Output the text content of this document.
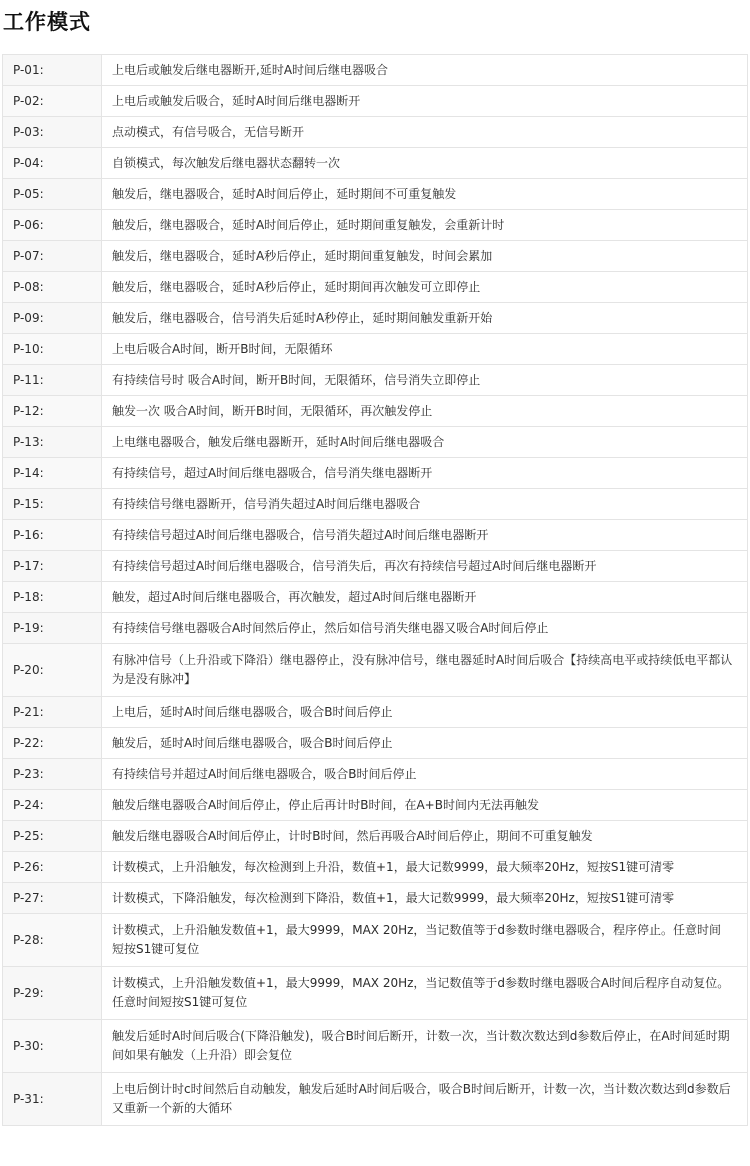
工作模式
P-01:	上电后或触发后继电器断开,延时A时间后继电器吸合
P-02:	上电后或触发后吸合，延时A时间后继电器断开
P-03:	点动模式，有信号吸合，无信号断开
P-04:	自锁模式，每次触发后继电器状态翻转一次
P-05:	触发后，继电器吸合，延时A时间后停止，延时期间不可重复触发
P-06:	触发后，继电器吸合，延时A时间后停止，延时期间重复触发，会重新计时
P-07:	触发后，继电器吸合，延时A秒后停止，延时期间重复触发，时间会累加
P-08:	触发后，继电器吸合，延时A秒后停止，延时期间再次触发可立即停止
P-09:	触发后，继电器吸合，信号消失后延时A秒停止，延时期间触发重新开始
P-10:	上电后吸合A时间，断开B时间，无限循环
P-11:	有持续信号时 吸合A时间，断开B时间，无限循环，信号消失立即停止
P-12:	触发一次 吸合A时间，断开B时间，无限循环，再次触发停止
P-13:	上电继电器吸合，触发后继电器断开，延时A时间后继电器吸合
P-14:	有持续信号，超过A时间后继电器吸合，信号消失继电器断开
P-15:	有持续信号继电器断开，信号消失超过A时间后继电器吸合
P-16:	有持续信号超过A时间后继电器吸合，信号消失超过A时间后继电器断开
P-17:	有持续信号超过A时间后继电器吸合，信号消失后，再次有持续信号超过A时间后继电器断开
P-18:	触发，超过A时间后继电器吸合，再次触发，超过A时间后继电器断开
P-19:	有持续信号继电器吸合A时间然后停止，然后如信号消失继电器又吸合A时间后停止
P-20:	有脉冲信号（上升沿或下降沿）继电器停止，没有脉冲信号，继电器延时A时间后吸合【持续高电平或持续低电平都认为是没有脉冲】
P-21:	上电后，延时A时间后继电器吸合，吸合B时间后停止
P-22:	触发后，延时A时间后继电器吸合，吸合B时间后停止
P-23:	有持续信号并超过A时间后继电器吸合，吸合B时间后停止
P-24:	触发后继电器吸合A时间后停止，停止后再计时B时间，在A+B时间内无法再触发
P-25:	触发后继电器吸合A时间后停止，计时B时间，然后再吸合A时间后停止，期间不可重复触发
P-26:	计数模式，上升沿触发，每次检测到上升沿，数值+1，最大记数9999，最大频率20Hz，短按S1键可清零
P-27:	计数模式，下降沿触发，每次检测到下降沿，数值+1，最大记数9999，最大频率20Hz，短按S1键可清零
P-28:	计数模式，上升沿触发数值+1，最大9999，MAX 20Hz，当记数值等于d参数时继电器吸合，程序停止。任意时间短按S1键可复位
P-29:	计数模式，上升沿触发数值+1，最大9999，MAX 20Hz，当记数值等于d参数时继电器吸合A时间后程序自动复位。任意时间短按S1键可复位
P-30:	触发后延时A时间后吸合(下降沿触发)，吸合B时间后断开，计数一次，当计数次数达到d参数后停止，在A时间延时期间如果有触发（上升沿）即会复位
P-31:	上电后倒计时c时间然后自动触发，触发后延时A时间后吸合，吸合B时间后断开，计数一次，当计数次数达到d参数后又重新一个新的大循环
